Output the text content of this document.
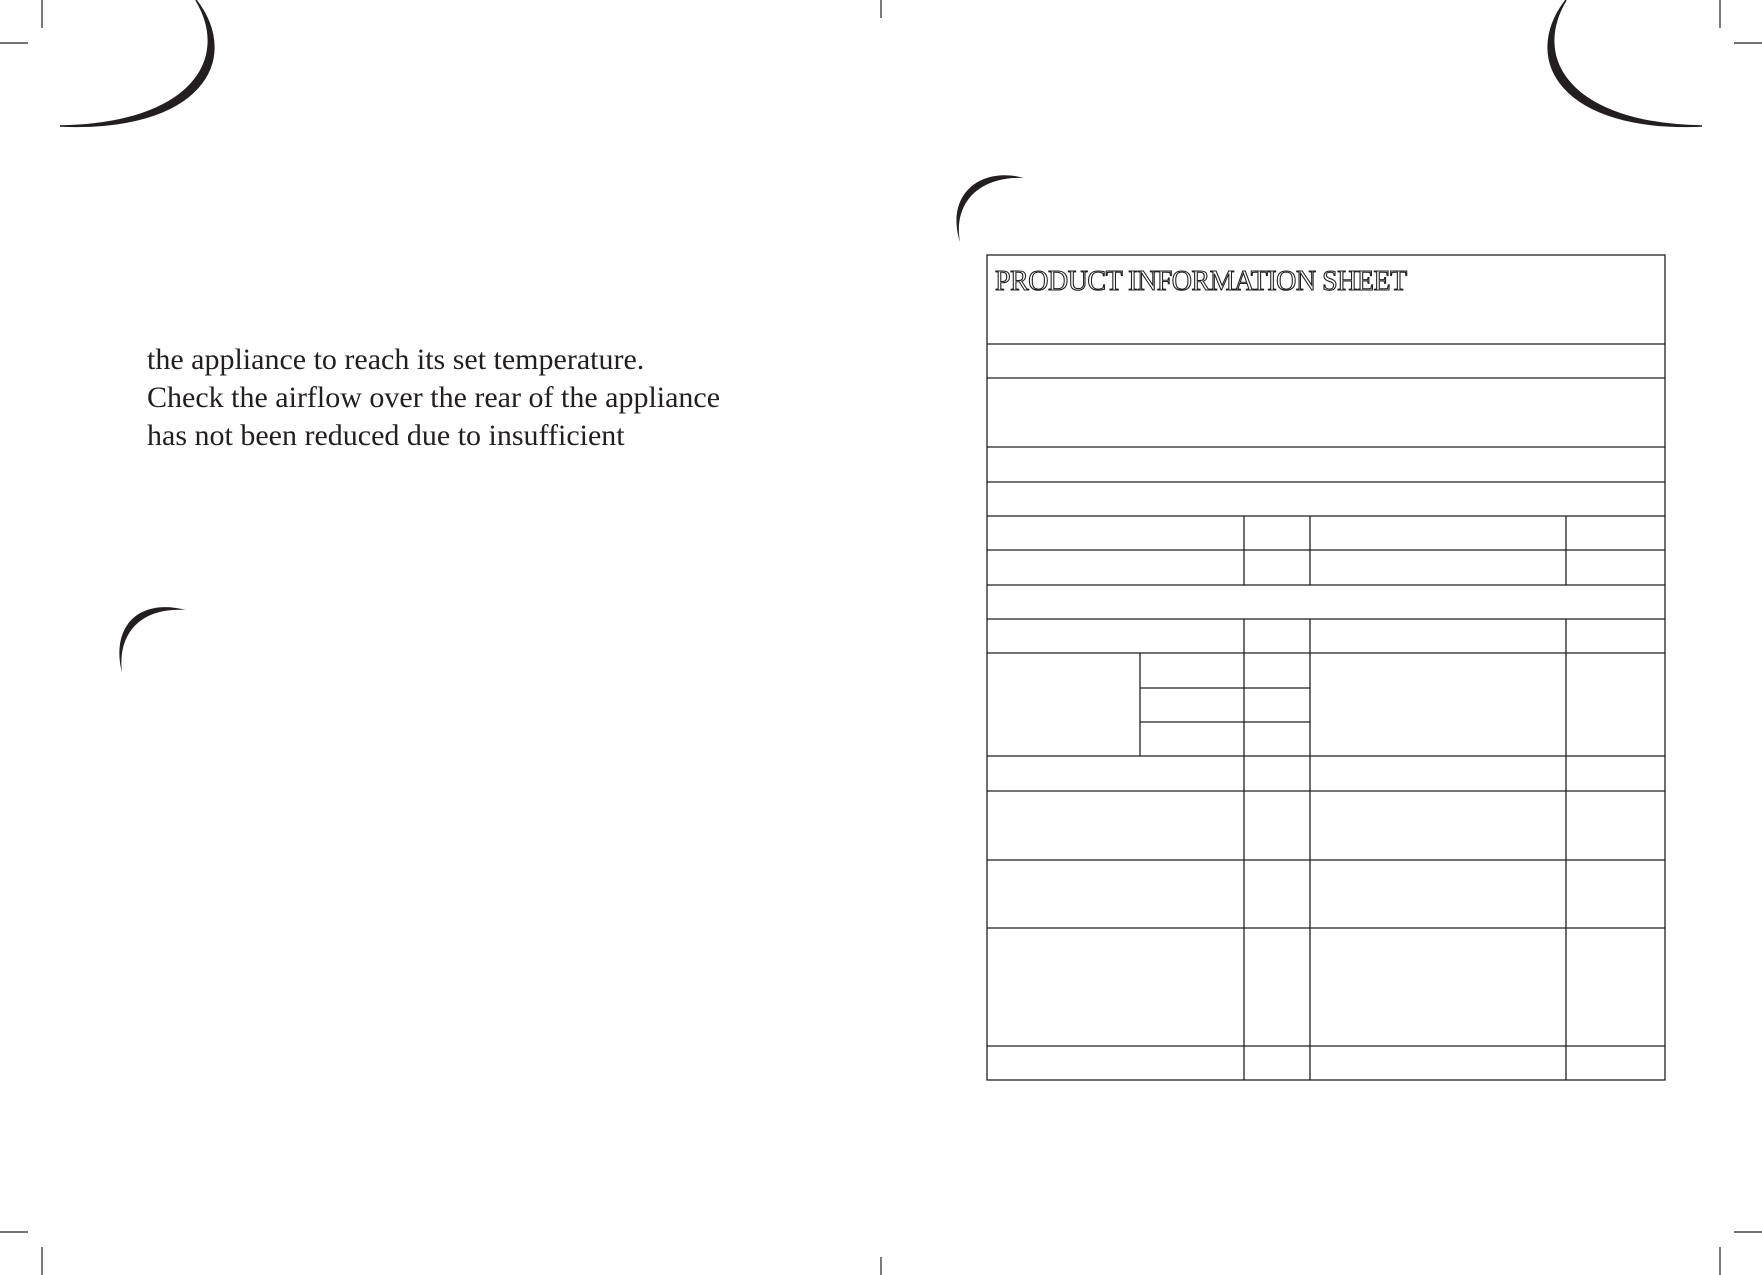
the appliance to reach its set temperature.
Check the airflow over the rear of the appliance
has not been reduced due to insufficient
PRODUCT INFORMATION SHEET
